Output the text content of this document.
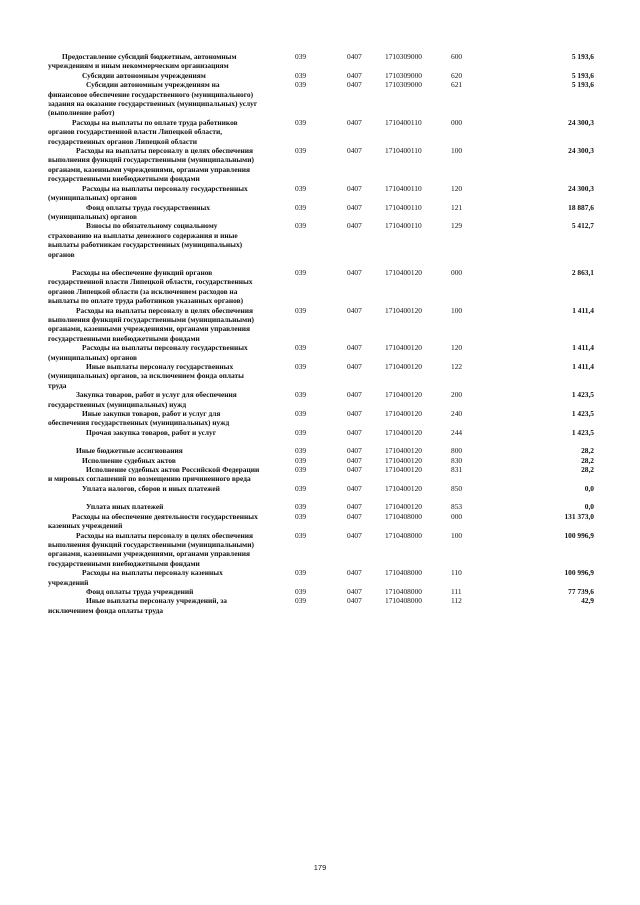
Предоставление субсидий бюджетным, автономным учреждениям и иным некоммерческим организациям	039	0407	1710309000	600	5 193,6
Субсидии автономным учреждениям	039	0407	1710309000	620	5 193,6
Субсидии автономным учреждениям на финансовое обеспечение государственного (муниципального) задания на оказание государственных (муниципальных) услуг (выполнение работ)	039	0407	1710309000	621	5 193,6
Расходы на выплаты по оплате труда работников органов государственной власти Липецкой области, государственных органов Липецкой области	039	0407	1710400110	000	24 300,3
Расходы на выплаты персоналу в целях обеспечения выполнения функций государственными (муниципальными) органами, казенными учреждениями, органами управления государственными внебюджетными фондами	039	0407	1710400110	100	24 300,3
Расходы на выплаты персоналу государственных (муниципальных) органов	039	0407	1710400110	120	24 300,3
Фонд оплаты труда государственных (муниципальных) органов	039	0407	1710400110	121	18 887,6
Взносы по обязательному социальному страхованию на выплаты денежного содержания и иные выплаты работникам государственных (муниципальных) органов	039	0407	1710400110	129	5 412,7

Расходы на обеспечение функций органов государственной власти Липецкой области, государственных органов Липецкой области (за исключением расходов на выплаты по оплате труда работников указанных органов)	039	0407	1710400120	000	2 863,1
Расходы на выплаты персоналу в целях обеспечения выполнения функций государственными (муниципальными) органами, казенными учреждениями, органами управления государственными внебюджетными фондами	039	0407	1710400120	100	1 411,4
Расходы на выплаты персоналу государственных (муниципальных) органов	039	0407	1710400120	120	1 411,4
Иные выплаты персоналу государственных (муниципальных) органов, за исключением фонда оплаты труда	039	0407	1710400120	122	1 411,4
Закупка товаров, работ и услуг для обеспечения государственных (муниципальных) нужд	039	0407	1710400120	200	1 423,5
Иные закупки товаров, работ и услуг для обеспечения государственных (муниципальных) нужд	039	0407	1710400120	240	1 423,5
Прочая закупка товаров, работ и услуг	039	0407	1710400120	244	1 423,5

Иные бюджетные ассигнования	039	0407	1710400120	800	28,2
Исполнение судебных актов	039	0407	1710400120	830	28,2
Исполнение судебных актов Российской Федерации и мировых соглашений по возмещению причиненного вреда	039	0407	1710400120	831	28,2
Уплата налогов, сборов и иных платежей	039	0407	1710400120	850	0,0

Уплата иных платежей	039	0407	1710400120	853	0,0
Расходы на обеспечение деятельности государственных казенных учреждений	039	0407	1710408000	000	131 373,0
Расходы на выплаты персоналу в целях обеспечения выполнения функций государственными (муниципальными) органами, казенными учреждениями, органами управления государственными внебюджетными фондами	039	0407	1710408000	100	100 996,9
Расходы на выплаты персоналу казенных учреждений	039	0407	1710408000	110	100 996,9
Фонд оплаты труда учреждений	039	0407	1710408000	111	77 739,6
Иные выплаты персоналу учреждений, за исключением фонда оплаты труда	039	0407	1710408000	112	42,9
179
